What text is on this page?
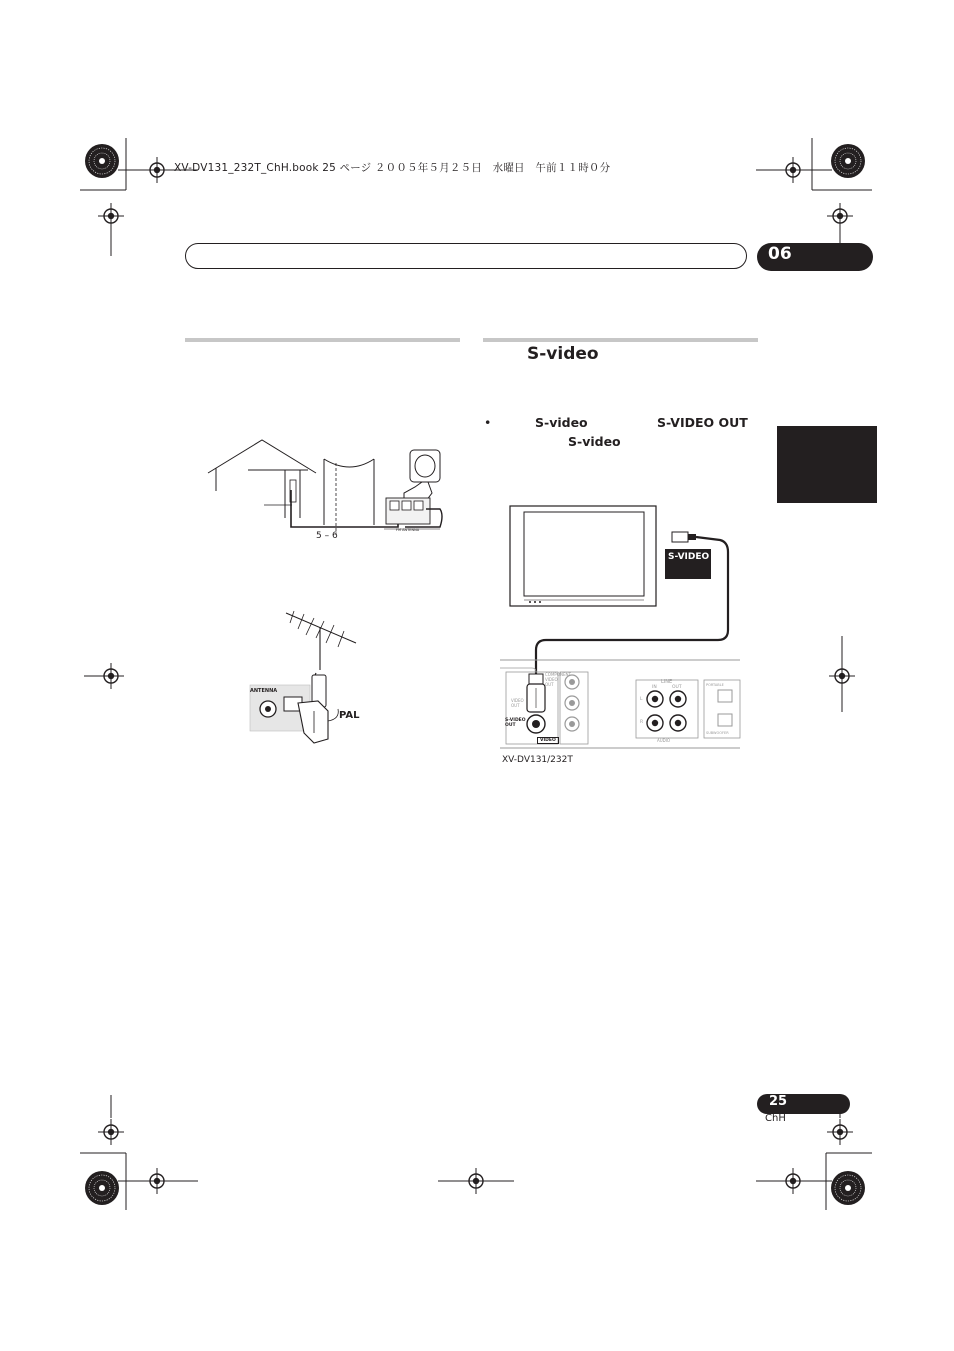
XV-DV131_232T_ChH.book 25 ページ ２００５年５月２５日　水曜日　午前１１時０分
06
S-video
•	S-video	S-VIDEO OUT
S-video
5 – 6
FM ANTENNA
ANTENNA
PAL
S-VIDEO
COMPONENT VIDEO OUT
VIDEO OUT
S-VIDEO OUT
VIDEO
LINE
IN	OUT
L
R
AUDIO
PORTABLE
SUBWOOFER
XV-DV131/232T
25
ChH
